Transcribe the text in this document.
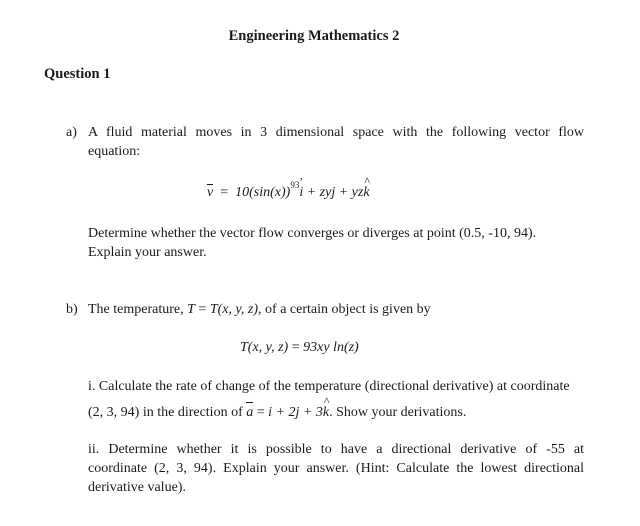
Engineering Mathematics 2
Question 1
a) A fluid material moves in 3 dimensional space with the following vector flow
equation:
$v = 10(\sin(x))^{93}$’ i + zyj + yz^ k
Determine whether the vector flow converges or diverges at point (0.5, -10, 94).
Explain your answer.
b) The temperature, T = T(x, y, z), of a certain object is given by
T(x, y, z) = 93xy ln(z)
i. Calculate the rate of change of the temperature (directional derivative) at coordinate
(2, 3, 94) in the direction of a = i + 2j + 3^ k. Show your derivations.
ii. Determine whether it is possible to have a directional derivative of -55 at
coordinate (2, 3, 94). Explain your answer. (Hint: Calculate the lowest directional
derivative value).
